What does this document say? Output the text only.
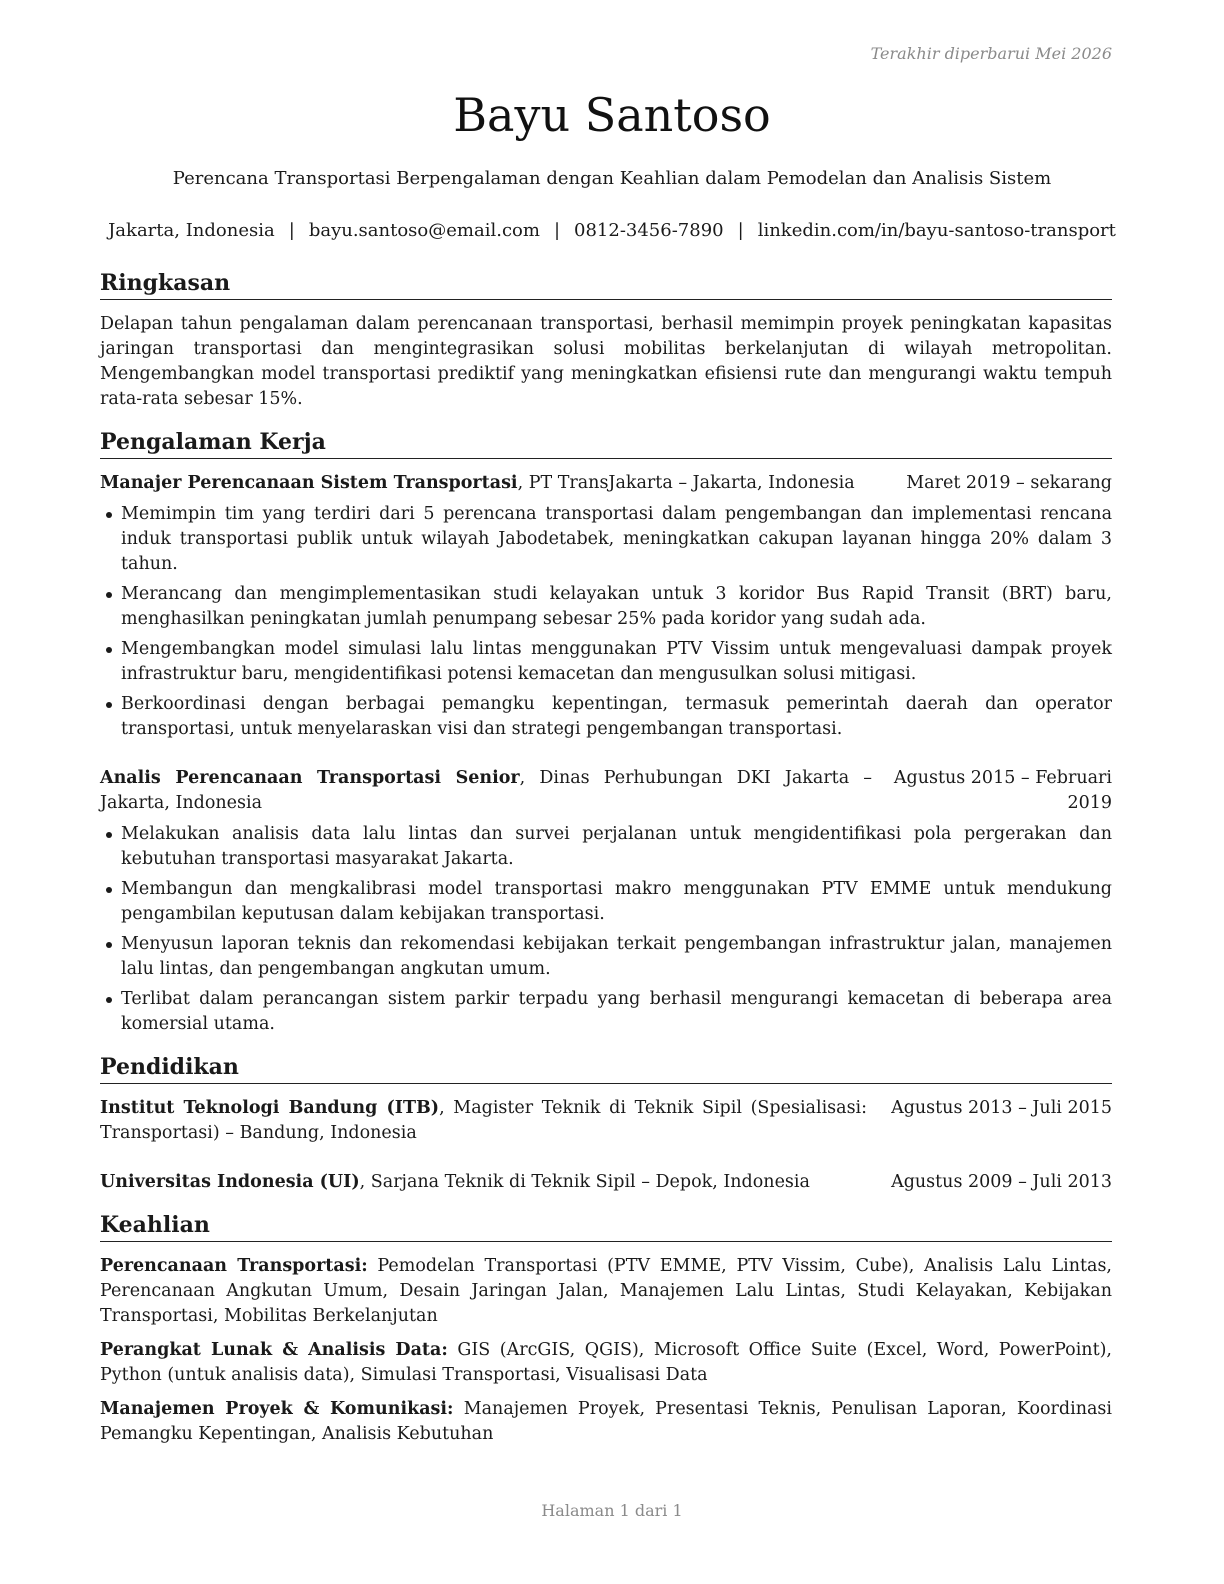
Terakhir diperbarui Mei 2026
Bayu Santoso
Perencana Transportasi Berpengalaman dengan Keahlian dalam Pemodelan dan Analisis Sistem
Jakarta, Indonesia | bayu.santoso@email.com | 0812-3456-7890 | linkedin.com/in/bayu-santoso-transport
Ringkasan

Delapan tahun pengalaman dalam perencanaan transportasi, berhasil memimpin proyek peningkatan kapasitas jaringan transportasi dan mengintegrasikan solusi mobilitas berkelanjutan di wilayah metropolitan. Mengembangkan model transportasi prediktif yang meningkatkan efisiensi rute dan mengurangi waktu tempuh rata-rata sebesar 15%.

Pengalaman Kerja
Manajer Perencanaan Sistem Transportasi, PT TransJakarta – Jakarta, Indonesia	Maret 2019 – sekarang
Memimpin tim yang terdiri dari 5 perencana transportasi dalam pengembangan dan implementasi rencana induk transportasi publik untuk wilayah Jabodetabek, meningkatkan cakupan layanan hingga 20% dalam 3 tahun.
Merancang dan mengimplementasikan studi kelayakan untuk 3 koridor Bus Rapid Transit (BRT) baru, menghasilkan peningkatan jumlah penumpang sebesar 25% pada koridor yang sudah ada.
Mengembangkan model simulasi lalu lintas menggunakan PTV Vissim untuk mengevaluasi dampak proyek infrastruktur baru, mengidentifikasi potensi kemacetan dan mengusulkan solusi mitigasi.
Berkoordinasi dengan berbagai pemangku kepentingan, termasuk pemerintah daerah dan operator transportasi, untuk menyelaraskan visi dan strategi pengembangan transportasi.
Analis Perencanaan Transportasi Senior, Dinas Perhubungan DKI Jakarta – Jakarta, Indonesia
Agustus 2015 – Februari 2019
Melakukan analisis data lalu lintas dan survei perjalanan untuk mengidentifikasi pola pergerakan dan kebutuhan transportasi masyarakat Jakarta.
Membangun dan mengkalibrasi model transportasi makro menggunakan PTV EMME untuk mendukung pengambilan keputusan dalam kebijakan transportasi.
Menyusun laporan teknis dan rekomendasi kebijakan terkait pengembangan infrastruktur jalan, manajemen lalu lintas, dan pengembangan angkutan umum.
Terlibat dalam perancangan sistem parkir terpadu yang berhasil mengurangi kemacetan di beberapa area komersial utama.
Pendidikan
Institut Teknologi Bandung (ITB), Magister Teknik di Teknik Sipil (Spesialisasi: Transportasi) – Bandung, Indonesia
Agustus 2013 – Juli 2015
Universitas Indonesia (UI), Sarjana Teknik di Teknik Sipil – Depok, Indonesia	Agustus 2009 – Juli 2013
Keahlian

Perencanaan Transportasi: Pemodelan Transportasi (PTV EMME, PTV Vissim, Cube), Analisis Lalu Lintas, Perencanaan Angkutan Umum, Desain Jaringan Jalan, Manajemen Lalu Lintas, Studi Kelayakan, Kebijakan Transportasi, Mobilitas Berkelanjutan

Perangkat Lunak & Analisis Data: GIS (ArcGIS, QGIS), Microsoft Office Suite (Excel, Word, PowerPoint), Python (untuk analisis data), Simulasi Transportasi, Visualisasi Data

Manajemen Proyek & Komunikasi: Manajemen Proyek, Presentasi Teknis, Penulisan Laporan, Koordinasi Pemangku Kepentingan, Analisis Kebutuhan

Halaman 1 dari 1
